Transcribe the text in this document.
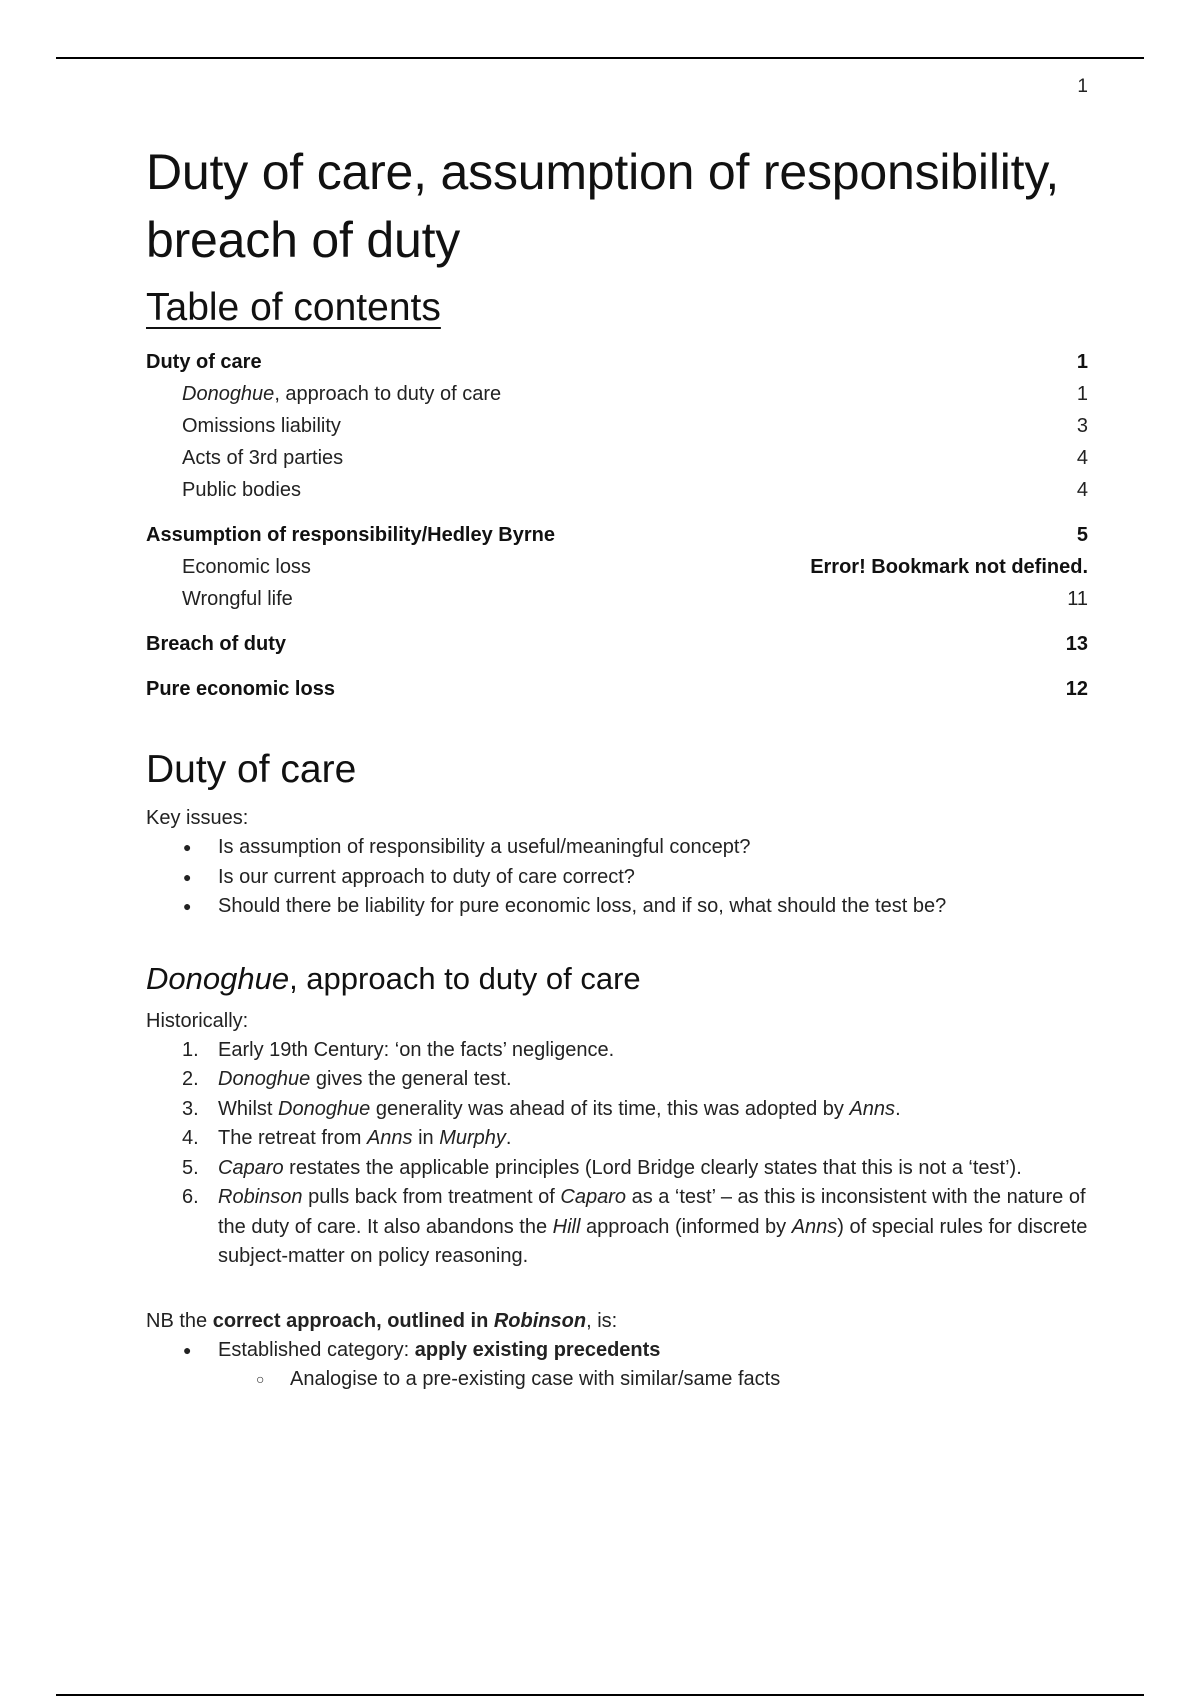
1
Duty of care, assumption of responsibility, breach of duty
Table of contents
Duty of care	1
Donoghue, approach to duty of care	1
Omissions liability	3
Acts of 3rd parties	4
Public bodies	4
Assumption of responsibility/Hedley Byrne	5
Economic loss	Error! Bookmark not defined.
Wrongful life	11
Breach of duty	13
Pure economic loss	12
Duty of care

Key issues:

● Is assumption of responsibility a useful/meaningful concept?
● Is our current approach to duty of care correct?
● Should there be liability for pure economic loss, and if so, what should the test be?
Donoghue, approach to duty of care

Historically:

1. Early 19th Century: ‘on the facts’ negligence.
2. Donoghue gives the general test.
3. Whilst Donoghue generality was ahead of its time, this was adopted by Anns.
4. The retreat from Anns in Murphy.
5. Caparo restates the applicable principles (Lord Bridge clearly states that this is not a ‘test’).
6. Robinson pulls back from treatment of Caparo as a ‘test’ – as this is inconsistent with the nature of the duty of care. It also abandons the Hill approach (informed by Anns) of special rules for discrete subject-matter on policy reasoning.

NB the correct approach, outlined in Robinson, is:

● Established category: apply existing precedents
○ Analogise to a pre-existing case with similar/same facts
